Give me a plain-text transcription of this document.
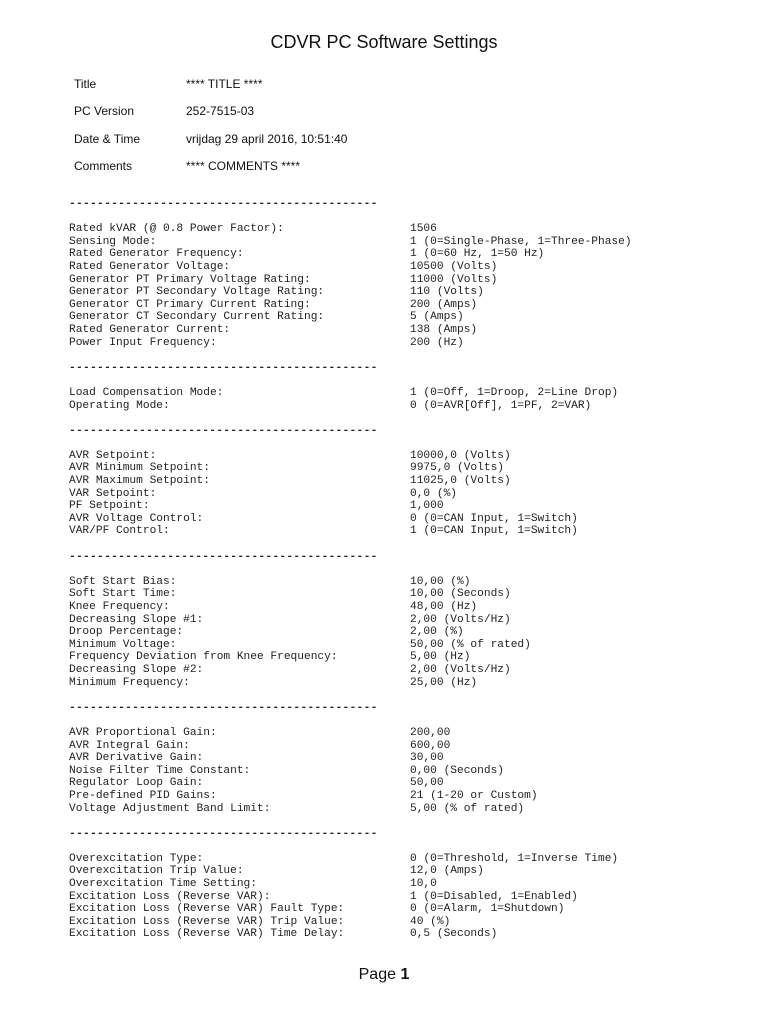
CDVR PC Software Settings
Title	**** TITLE ****
PC Version	252-7515-03
Date & Time	vrijdag 29 april 2016, 10:51:40
Comments	**** COMMENTS ****
--------------------------------------------
Rated kVAR (@ 0.8 Power Factor):	1506
Sensing Mode:	1 (0=Single-Phase, 1=Three-Phase)
Rated Generator Frequency:	1 (0=60 Hz, 1=50 Hz)
Rated Generator Voltage:	10500 (Volts)
Generator PT Primary Voltage Rating:	11000 (Volts)
Generator PT Secondary Voltage Rating:	110 (Volts)
Generator CT Primary Current Rating:	200 (Amps)
Generator CT Secondary Current Rating:	5 (Amps)
Rated Generator Current:	138 (Amps)
Power Input Frequency:	200 (Hz)
--------------------------------------------
Load Compensation Mode:	1 (0=Off, 1=Droop, 2=Line Drop)
Operating Mode:	0 (0=AVR[Off], 1=PF, 2=VAR)
--------------------------------------------
AVR Setpoint:	10000,0 (Volts)
AVR Minimum Setpoint:	9975,0 (Volts)
AVR Maximum Setpoint:	11025,0 (Volts)
VAR Setpoint:	0,0 (%)
PF Setpoint:	1,000
AVR Voltage Control:	0 (0=CAN Input, 1=Switch)
VAR/PF Control:	1 (0=CAN Input, 1=Switch)
--------------------------------------------
Soft Start Bias:	10,00 (%)
Soft Start Time:	10,00 (Seconds)
Knee Frequency:	48,00 (Hz)
Decreasing Slope #1:	2,00 (Volts/Hz)
Droop Percentage:	2,00 (%)
Minimum Voltage:	50,00 (% of rated)
Frequency Deviation from Knee Frequency:	5,00 (Hz)
Decreasing Slope #2:	2,00 (Volts/Hz)
Minimum Frequency:	25,00 (Hz)
--------------------------------------------
AVR Proportional Gain:	200,00
AVR Integral Gain:	600,00
AVR Derivative Gain:	30,00
Noise Filter Time Constant:	0,00 (Seconds)
Regulator Loop Gain:	50,00
Pre-defined PID Gains:	21 (1-20 or Custom)
Voltage Adjustment Band Limit:	5,00 (% of rated)
--------------------------------------------
Overexcitation Type:	0 (0=Threshold, 1=Inverse Time)
Overexcitation Trip Value:	12,0 (Amps)
Overexcitation Time Setting:	10,0
Excitation Loss (Reverse VAR):	1 (0=Disabled, 1=Enabled)
Excitation Loss (Reverse VAR) Fault Type:	0 (0=Alarm, 1=Shutdown)
Excitation Loss (Reverse VAR) Trip Value:	40 (%)
Excitation Loss (Reverse VAR) Time Delay:	0,5 (Seconds)
Page 1
